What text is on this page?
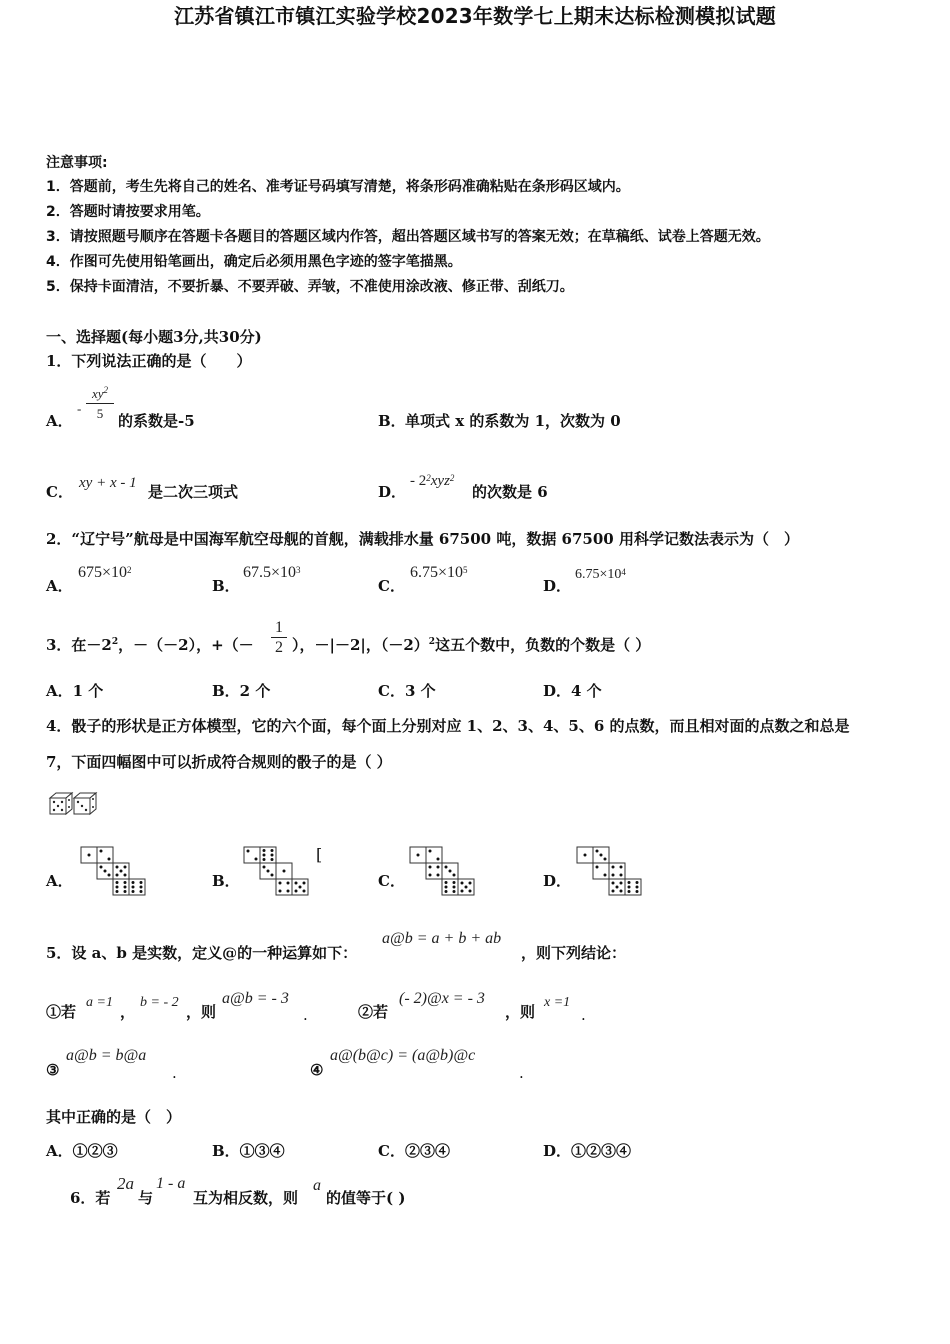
江苏省镇江市镇江实验学校2023年数学七上期末达标检测模拟试题
注意事项:
1．答题前，考生先将自己的姓名、准考证号码填写清楚，将条形码准确粘贴在条形码区域内。
2．答题时请按要求用笔。
3．请按照题号顺序在答题卡各题目的答题区域内作答，超出答题区域书写的答案无效；在草稿纸、试卷上答题无效。
4．作图可先使用铅笔画出，确定后必须用黑色字迹的签字笔描黑。
5．保持卡面清洁，不要折暴、不要弄破、弄皱，不准使用涂改液、修正带、刮纸刀。
一、选择题(每小题3分,共30分)
1．下列说法正确的是（　　）
A．
-
$xy^2$
5 的系数是-5	B． 单项式 x 的系数为 1，次数为 0
C． xy + x - 1 是二次三项式	D．
- $2^2xyz^2$
的次数是 6
2．“辽宁号”航母是中国海军航空母舰的首舰，满载排水量 67500 吨，数据 67500 用科学记数法表示为（　）
A．
$675\times 10^2$
B．
$67.5\times 10^3$
C．
$6.75\times 10^5$
D．
$6.75\times 10^4$
3．在$-2^2$，－（－2），+（－
1
2 ），－|－2|，$(-2)^2$这五个数中，负数的个数是（ ）
A．1 个	B．2 个	C．3 个	D．4 个
4．骰子的形状是正方体模型，它的六个面，每个面上分别对应 1、2、3、4、5、6 的点数，而且相对面的点数之和总是
7，下面四幅图中可以折成符合规则的骰子的是（ ）
A．	B．	C．	D．
[
5．设 a、b 是实数，定义@的一种运算如下：
a@b = a + b + ab
，则下列结论：
①若
a =1
，
b = - 2
，则
a@b = - 3
.	②若
(- 2)@x = - 3
，则
x =1
.
③
a@b = b@a
.	④
a@(b@c) = (a@b)@c
.
其中正确的是（　）
A．①②③	B．①③④	C．②③④	D．①②③④
6．若
2a
与
1 - a
互为相反数，则
a
的值等于( )
